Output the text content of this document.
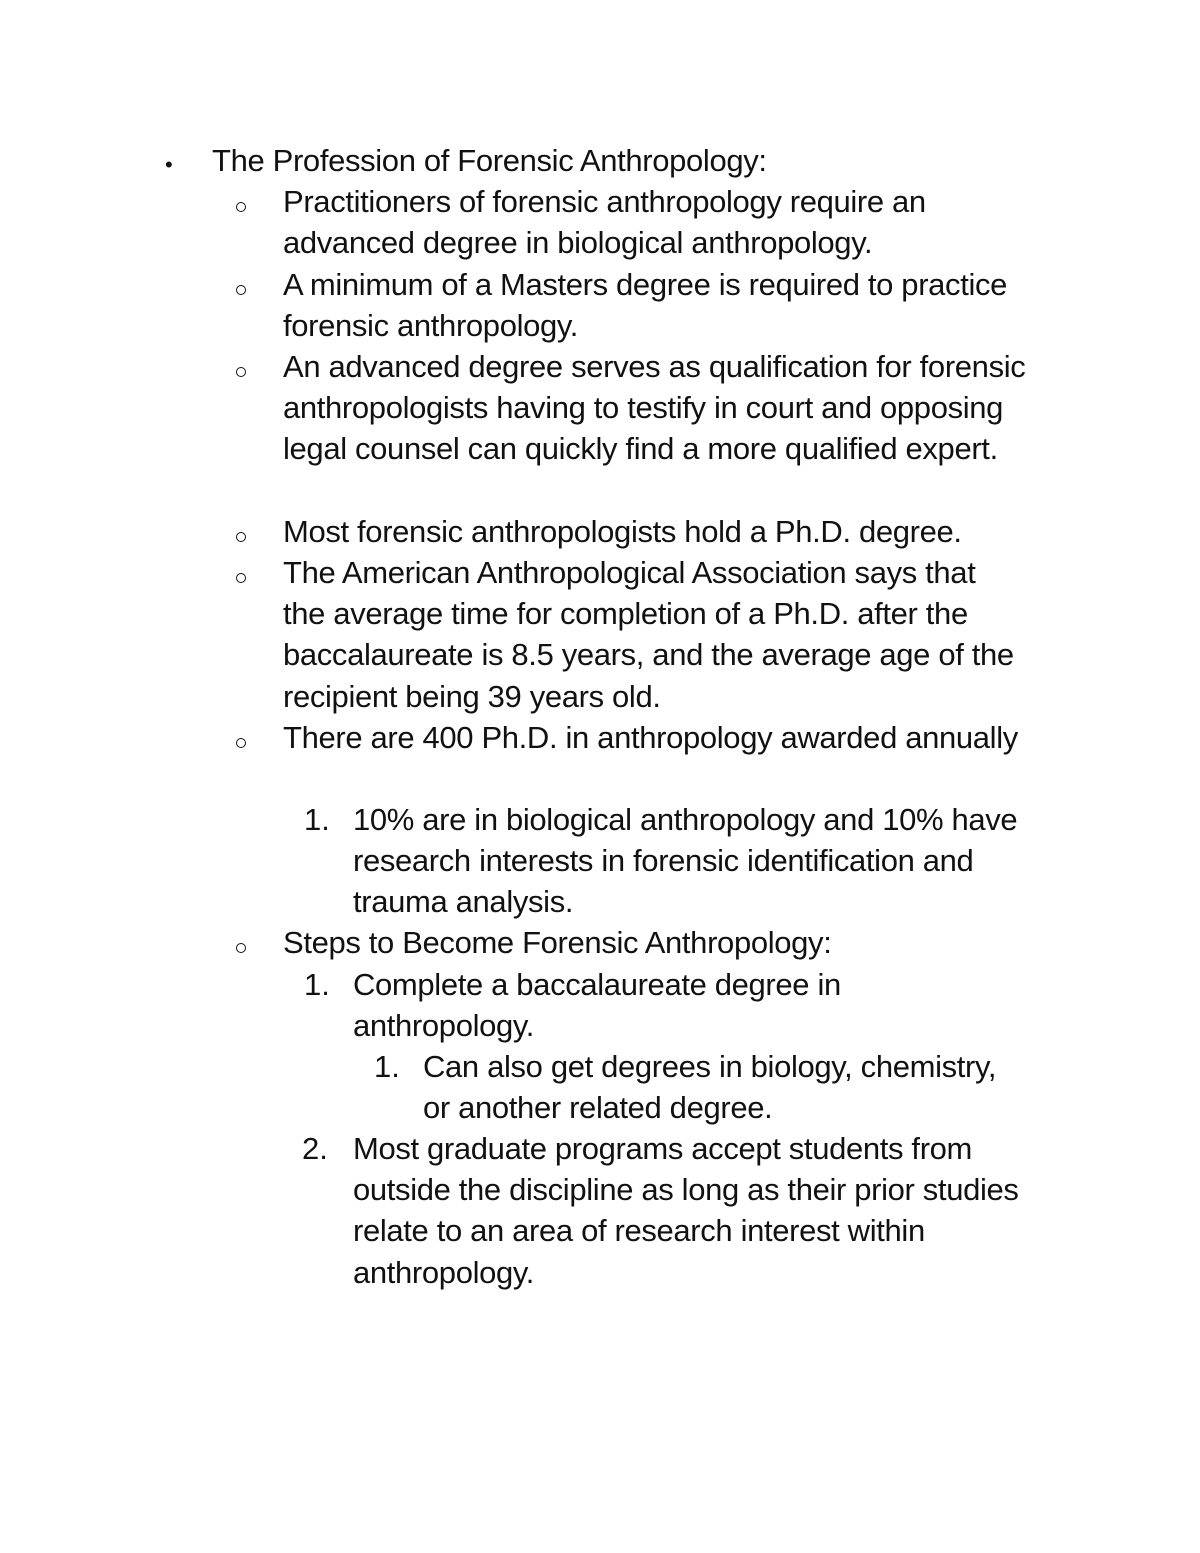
• The Profession of Forensic Anthropology:
Practitioners of forensic anthropology require an advanced degree in biological anthropology.
A minimum of a Masters degree is required to practice forensic anthropology.
An advanced degree serves as qualification for forensic anthropologists having to testify in court and opposing legal counsel can quickly find a more qualified expert.
Most forensic anthropologists hold a Ph.D. degree.
The American Anthropological Association says that the average time for completion of a Ph.D. after the baccalaureate is 8.5 years, and the average age of the recipient being 39 years old.
There are 400 Ph.D. in anthropology awarded annually
1. 10% are in biological anthropology and 10% have research interests in forensic identification and trauma analysis.
Steps to Become Forensic Anthropology:
1. Complete a baccalaureate degree in anthropology.
1. Can also get degrees in biology, chemistry, or another related degree.
2. Most graduate programs accept students from outside the discipline as long as their prior studies relate to an area of research interest within anthropology.
